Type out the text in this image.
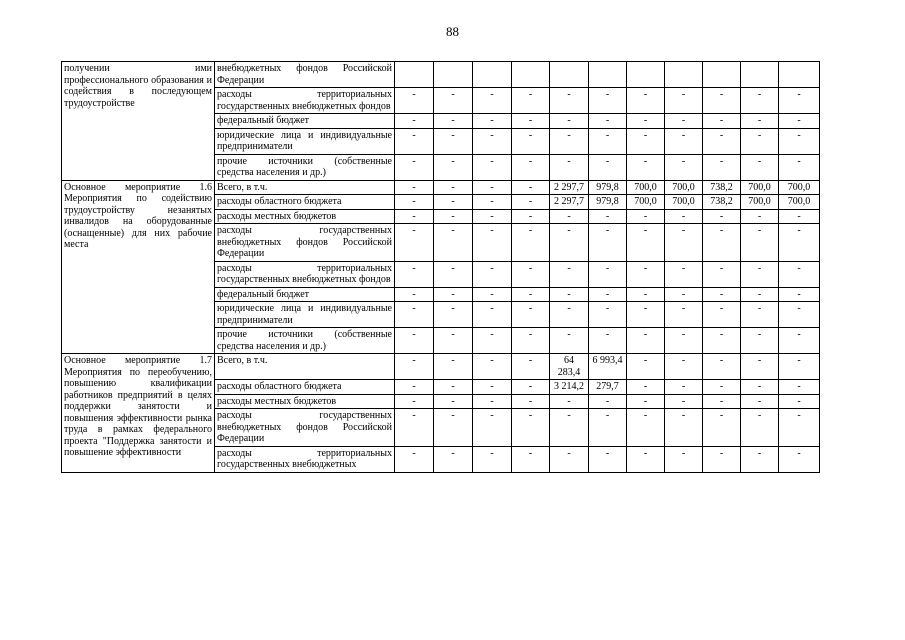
88
получении ими профессионального образования и содействия в последующем трудоустройстве	внебюджетных фондов Российской Федерации											
	расходы территориальных государственных внебюджетных фондов	-	-	-	-	-	-	-	-	-	-	-
	федеральный бюджет	-	-	-	-	-	-	-	-	-	-	-
	юридические лица и индивидуальные предприниматели	-	-	-	-	-	-	-	-	-	-	-
	прочие источники (собственные средства населения и др.)	-	-	-	-	-	-	-	-	-	-	-
Основное мероприятие 1.6 Мероприятия по содействию трудоустройству незанятых инвалидов на оборудованные (оснащенные) для них рабочие места	Всего, в т.ч.	-	-	-	-	2 297,7	979,8	700,0	700,0	738,2	700,0	700,0
	расходы областного бюджета	-	-	-	-	2 297,7	979,8	700,0	700,0	738,2	700,0	700,0
	расходы местных бюджетов	-	-	-	-	-	-	-	-	-	-	-
	расходы государственных внебюджетных фондов Российской Федерации	-	-	-	-	-	-	-	-	-	-	-
	расходы территориальных государственных внебюджетных фондов	-	-	-	-	-	-	-	-	-	-	-
	федеральный бюджет	-	-	-	-	-	-	-	-	-	-	-
	юридические лица и индивидуальные предприниматели	-	-	-	-	-	-	-	-	-	-	-
	прочие источники (собственные средства населения и др.)	-	-	-	-	-	-	-	-	-	-	-
Основное мероприятие 1.7 Мероприятия по переобучению, повышению квалификации работников предприятий в целях поддержки занятости и повышения эффективности рынка труда в рамках федерального проекта "Поддержка занятости и повышение эффективности	Всего, в т.ч.	-	-	-	-	64 283,4	6 993,4	-	-	-	-	-
	расходы областного бюджета	-	-	-	-	3 214,2	279,7	-	-	-	-	-
	расходы местных бюджетов	-	-	-	-	-	-	-	-	-	-	-
	расходы государственных внебюджетных фондов Российской Федерации	-	-	-	-	-	-	-	-	-	-	-
	расходы территориальных государственных внебюджетных	-	-	-	-	-	-	-	-	-	-	-
